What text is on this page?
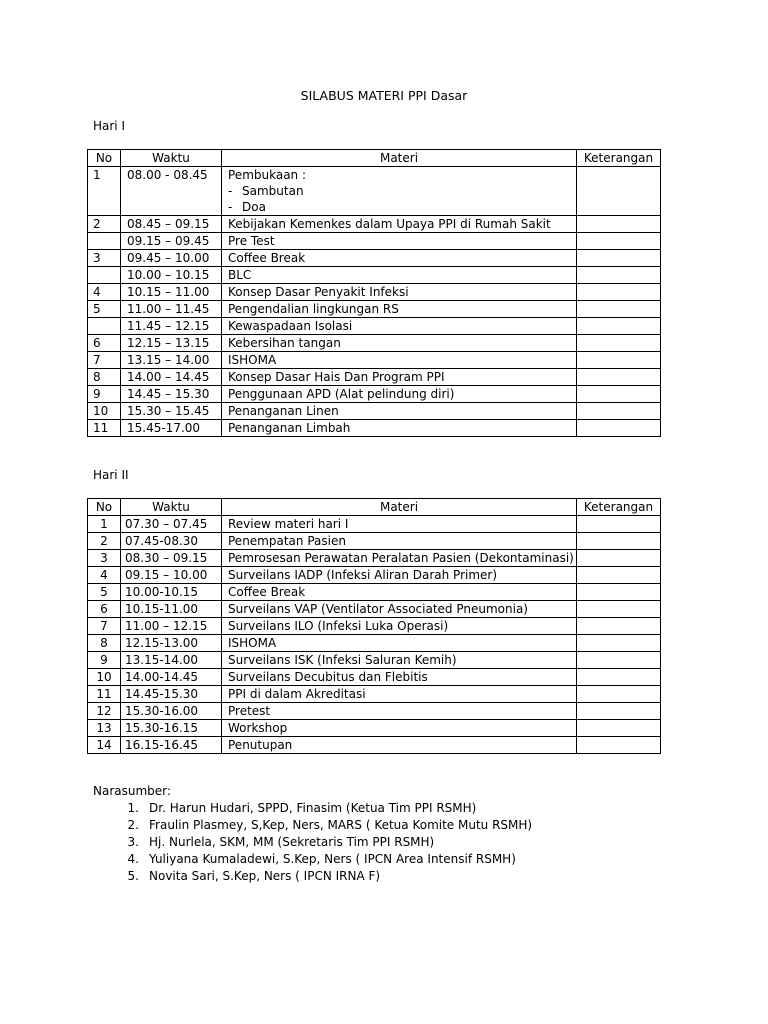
SILABUS MATERI PPI Dasar
Hari I
No	Waktu	Materi	Keterangan
1	08.00 - 08.45	Pembukaan :
- Sambutan
- Doa	

2	08.45 – 09.15	Kebijakan Kemenkes dalam Upaya PPI di Rumah Sakit	
	09.15 – 09.45	Pre Test	
3	09.45 – 10.00	Coffee Break	
	10.00 – 10.15	BLC	
4	10.15 – 11.00	Konsep Dasar Penyakit Infeksi	
5	11.00 – 11.45	Pengendalian lingkungan RS	
	11.45 – 12.15	Kewaspadaan Isolasi	
6	12.15 – 13.15	Kebersihan tangan	
7	13.15 – 14.00	ISHOMA	
8	14.00 – 14.45	Konsep Dasar Hais Dan Program PPI	
9	14.45 – 15.30	Penggunaan APD (Alat pelindung diri)	
10	15.30 – 15.45	Penanganan Linen	
11	15.45-17.00	Penanganan Limbah	
Hari II
No	Waktu	Materi	Keterangan
1	07.30 – 07.45	Review materi hari I	
2	07.45-08.30	Penempatan Pasien	
3	08.30 – 09.15	Pemrosesan Perawatan Peralatan Pasien (Dekontaminasi)	
4	09.15 – 10.00	Surveilans IADP (Infeksi Aliran Darah Primer)	
5	10.00-10.15	Coffee Break	
6	10.15-11.00	Surveilans VAP (Ventilator Associated Pneumonia)	
7	11.00 – 12.15	Surveilans ILO (Infeksi Luka Operasi)	
8	12.15-13.00	ISHOMA	
9	13.15-14.00	Surveilans ISK (Infeksi Saluran Kemih)	
10	14.00-14.45	Surveilans Decubitus dan Flebitis	
11	14.45-15.30	PPI di dalam Akreditasi	
12	15.30-16.00	Pretest	
13	15.30-16.15	Workshop	
14	16.15-16.45	Penutupan	
Narasumber:
1. Dr. Harun Hudari, SPPD, Finasim (Ketua Tim PPI RSMH)
2. Fraulin Plasmey, S,Kep, Ners, MARS ( Ketua Komite Mutu RSMH)
3. Hj. Nurlela, SKM, MM (Sekretaris Tim PPI RSMH)
4. Yuliyana Kumaladewi, S.Kep, Ners ( IPCN Area Intensif RSMH)
5. Novita Sari, S.Kep, Ners ( IPCN IRNA F)
